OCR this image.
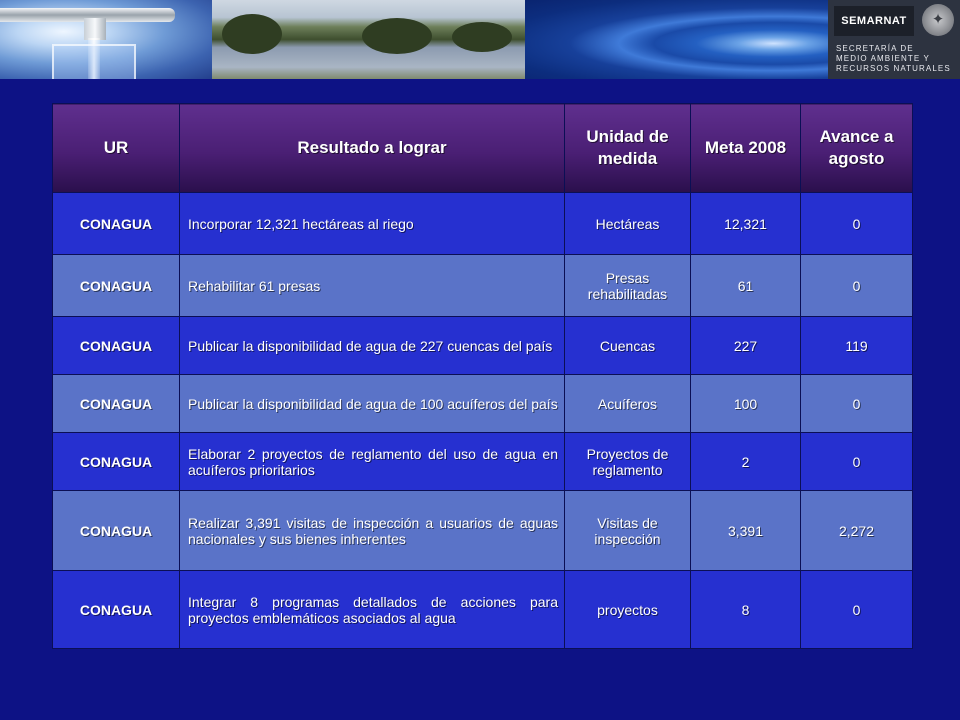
SEMARNAT	✦
SECRETARÍA DE
MEDIO AMBIENTE Y
RECURSOS NATURALES
UR	Resultado a lograr	Unidad de medida	Meta 2008	Avance a agosto
CONAGUA	Incorporar 12,321 hectáreas al riego	Hectáreas	12,321	0
CONAGUA	Rehabilitar 61 presas	Presas rehabilitadas	61	0
CONAGUA	Publicar la disponibilidad de agua de 227 cuencas del país	Cuencas	227	119
CONAGUA	Publicar la disponibilidad de agua de 100 acuíferos del país	Acuíferos	100	0
CONAGUA	Elaborar 2 proyectos de reglamento del uso de agua en acuíferos prioritarios	Proyectos de reglamento	2	0
CONAGUA	Realizar 3,391 visitas de inspección a usuarios de aguas nacionales y sus bienes inherentes	Visitas de inspección	3,391	2,272
CONAGUA	Integrar 8 programas detallados de acciones para proyectos emblemáticos asociados al agua	proyectos	8	0
